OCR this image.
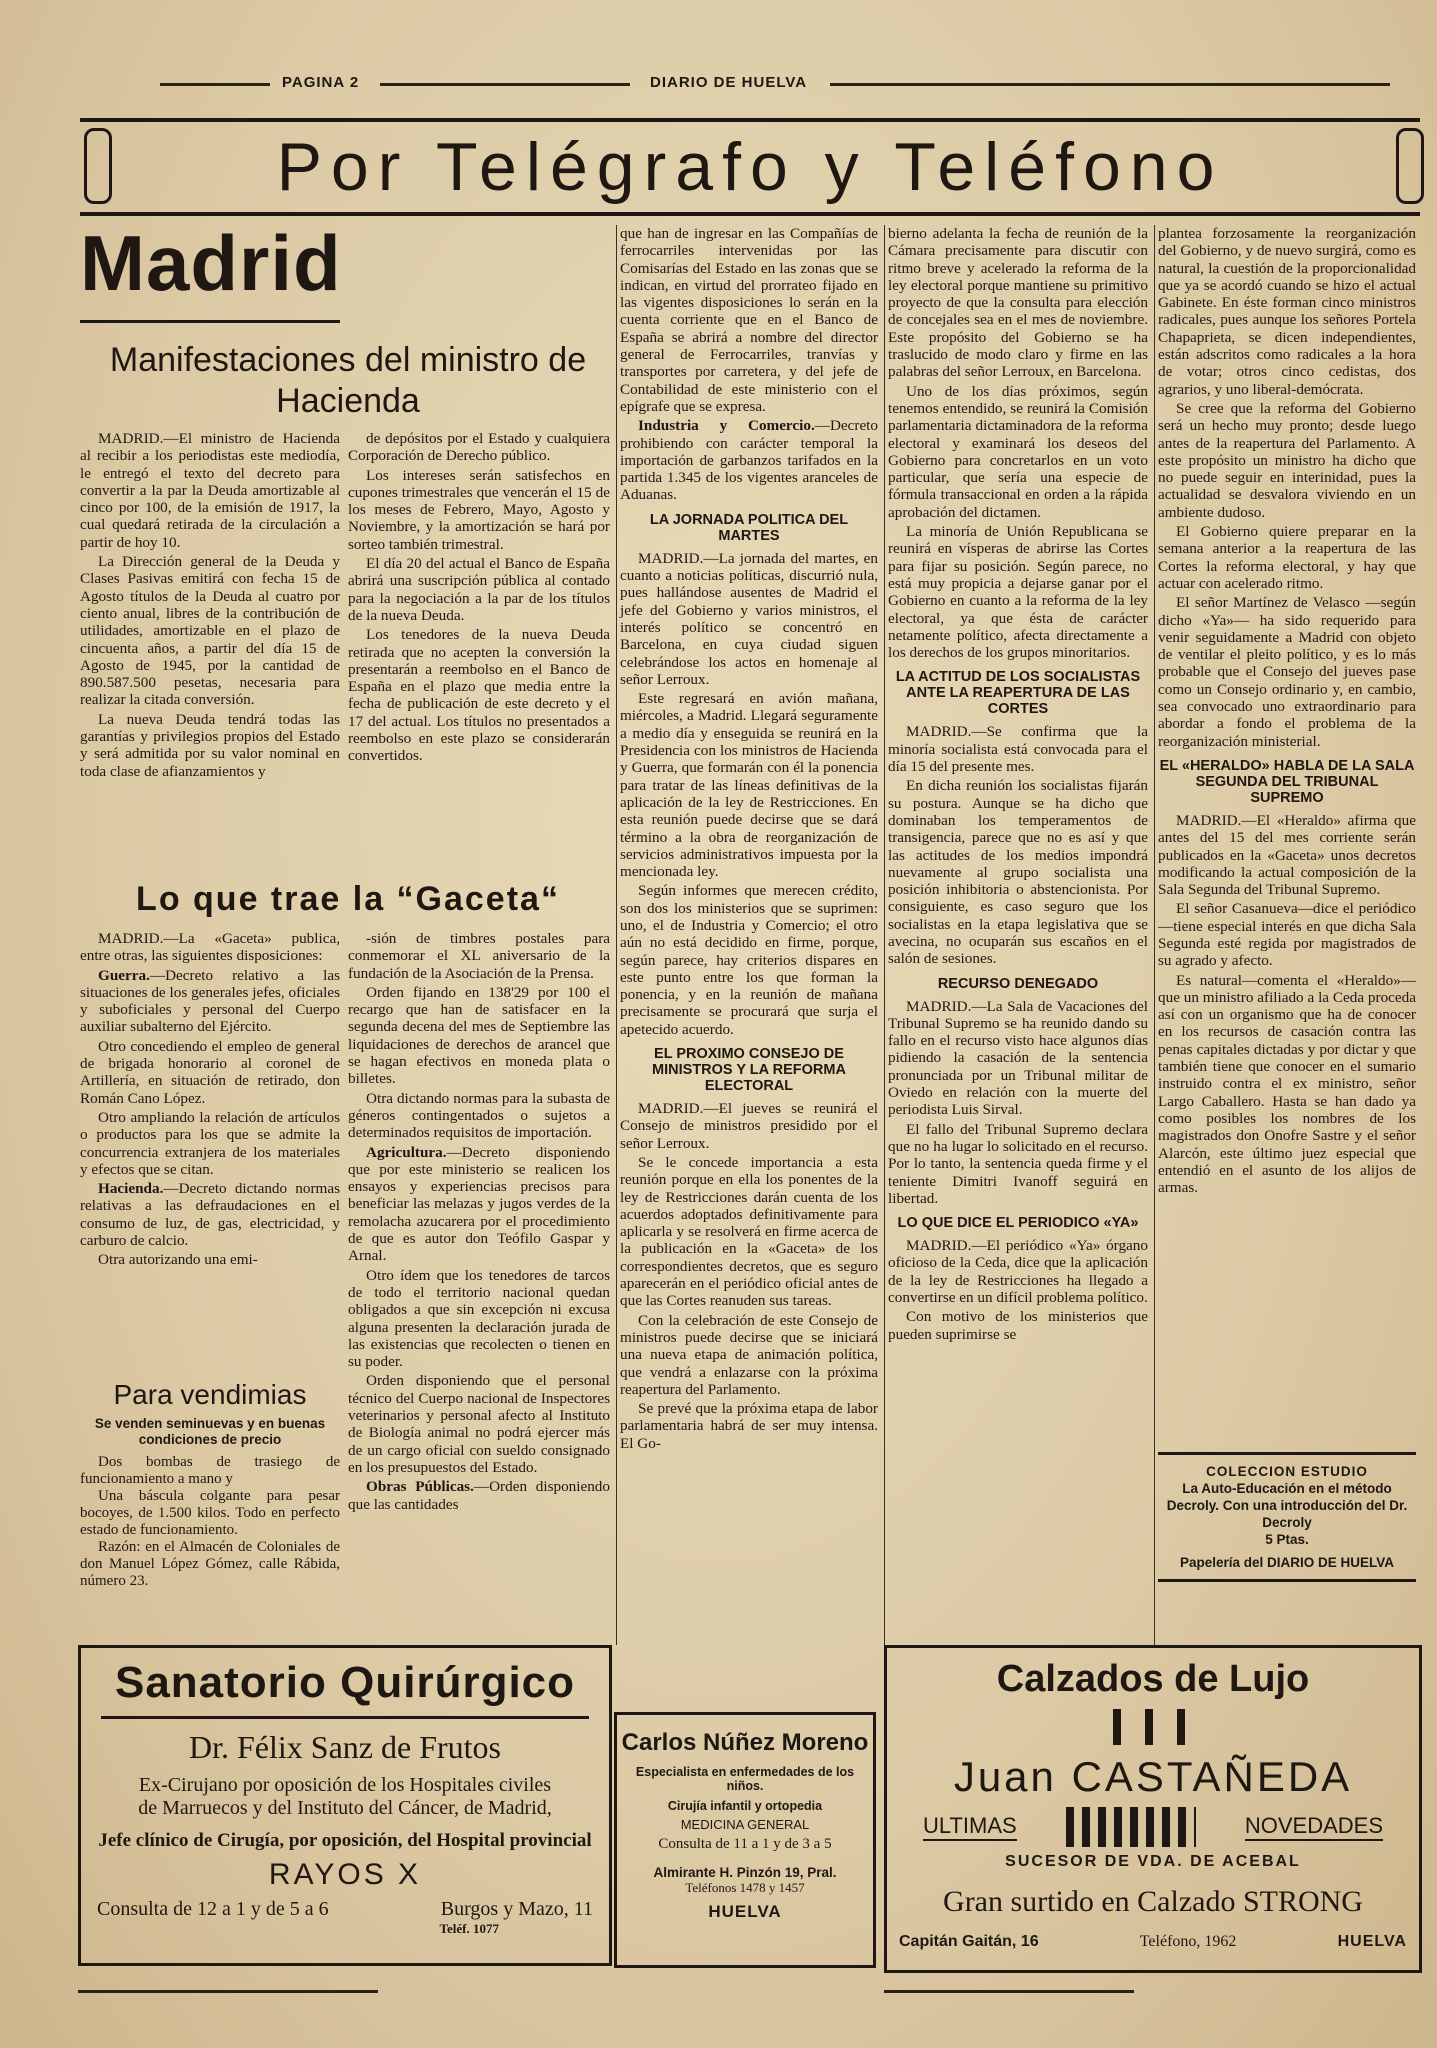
PAGINA 2	DIARIO DE HUELVA
Por Telégrafo y Teléfono
Madrid
Manifestaciones del ministro de Hacienda

MADRID.—El ministro de Hacienda al recibir a los periodistas este mediodía, le entregó el texto del decreto para convertir a la par la Deuda amortizable al cinco por 100, de la emisión de 1917, la cual quedará retirada de la circulación a partir de hoy 10.

La Dirección general de la Deuda y Clases Pasivas emitirá con fecha 15 de Agosto títulos de la Deuda al cuatro por ciento anual, libres de la contribución de utilidades, amortizable en el plazo de cincuenta años, a partir del día 15 de Agosto de 1945, por la cantidad de 890.587.500 pesetas, necesaria para realizar la citada conversión.

La nueva Deuda tendrá todas las garantías y privilegios propios del Estado y será admitida por su valor nominal en toda clase de afianzamientos y

de depósitos por el Estado y cualquiera Corporación de Derecho público.

Los intereses serán satisfechos en cupones trimestrales que vencerán el 15 de los meses de Febrero, Mayo, Agosto y Noviembre, y la amortización se hará por sorteo también trimestral.

El día 20 del actual el Banco de España abrirá una suscripción pública al contado para la negociación a la par de los títulos de la nueva Deuda.

Los tenedores de la nueva Deuda retirada que no acepten la conversión la presentarán a reembolso en el Banco de España en el plazo que media entre la fecha de publicación de este decreto y el 17 del actual. Los títulos no presentados a reembolso en este plazo se considerarán convertidos.

Lo que trae la “Gaceta“

MADRID.—La «Gaceta» publica, entre otras, las siguientes disposiciones:

Guerra.—Decreto relativo a las situaciones de los generales jefes, oficiales y suboficiales y personal del Cuerpo auxiliar subalterno del Ejército.

Otro concediendo el empleo de general de brigada honorario al coronel de Artillería, en situación de retirado, don Román Cano López.

Otro ampliando la relación de artículos o productos para los que se admite la concurrencia extranjera de los materiales y efectos que se citan.

Hacienda.—Decreto dictando normas relativas a las defraudaciones en el consumo de luz, de gas, electricidad, y carburo de calcio.

Otra autorizando una emi-

-sión de timbres postales para conmemorar el XL aniversario de la fundación de la Asociación de la Prensa.

Orden fijando en 138'29 por 100 el recargo que han de satisfacer en la segunda decena del mes de Septiembre las liquidaciones de derechos de arancel que se hagan efectivos en moneda plata o billetes.

Otra dictando normas para la subasta de géneros contingentados o sujetos a determinados requisitos de importación.

Agricultura.—Decreto disponiendo que por este ministerio se realicen los ensayos y experiencias precisos para beneficiar las melazas y jugos verdes de la remolacha azucarera por el procedimiento de que es autor don Teófilo Gaspar y Arnal.

Otro ídem que los tenedores de tarcos de todo el territorio nacional quedan obligados a que sin excepción ni excusa alguna presenten la declaración jurada de las existencias que recolecten o tienen en su poder.

Orden disponiendo que el personal técnico del Cuerpo nacional de Inspectores veterinarios y personal afecto al Instituto de Biología animal no podrá ejercer más de un cargo oficial con sueldo consignado en los presupuestos del Estado.

Obras Públicas.—Orden disponiendo que las cantidades

Para vendimias
Se venden seminuevas y en buenas condiciones de precio

Dos bombas de trasiego de funcionamiento a mano y

Una báscula colgante para pesar bocoyes, de 1.500 kilos. Todo en perfecto estado de funcionamiento.

Razón: en el Almacén de Coloniales de don Manuel López Gómez, calle Rábida, número 23.

que han de ingresar en las Compañías de ferrocarriles intervenidas por las Comisarías del Estado en las zonas que se indican, en virtud del prorrateo fijado en las vigentes disposiciones lo serán en la cuenta corriente que en el Banco de España se abrirá a nombre del director general de Ferrocarriles, tranvías y transportes por carretera, y del jefe de Contabilidad de este ministerio con el epígrafe que se expresa.

Industria y Comercio.—Decreto prohibiendo con carácter temporal la importación de garbanzos tarifados en la partida 1.345 de los vigentes aranceles de Aduanas.

LA JORNADA POLITICA DEL MARTES

MADRID.—La jornada del martes, en cuanto a noticias políticas, discurrió nula, pues hallándose ausentes de Madrid el jefe del Gobierno y varios ministros, el interés político se concentró en Barcelona, en cuya ciudad siguen celebrándose los actos en homenaje al señor Lerroux.

Este regresará en avión mañana, miércoles, a Madrid. Llegará seguramente a medio día y enseguida se reunirá en la Presidencia con los ministros de Hacienda y Guerra, que formarán con él la ponencia para tratar de las líneas definitivas de la aplicación de la ley de Restricciones. En esta reunión puede decirse que se dará término a la obra de reorganización de servicios administrativos impuesta por la mencionada ley.

Según informes que merecen crédito, son dos los ministerios que se suprimen: uno, el de Industria y Comercio; el otro aún no está decidido en firme, porque, según parece, hay criterios dispares en este punto entre los que forman la ponencia, y en la reunión de mañana precisamente se procurará que surja el apetecido acuerdo.

EL PROXIMO CONSEJO DE MINISTROS Y LA REFORMA ELECTORAL

MADRID.—El jueves se reunirá el Consejo de ministros presidido por el señor Lerroux.

Se le concede importancia a esta reunión porque en ella los ponentes de la ley de Restricciones darán cuenta de los acuerdos adoptados definitivamente para aplicarla y se resolverá en firme acerca de la publicación en la «Gaceta» de los correspondientes decretos, que es seguro aparecerán en el periódico oficial antes de que las Cortes reanuden sus tareas.

Con la celebración de este Consejo de ministros puede decirse que se iniciará una nueva etapa de animación política, que vendrá a enlazarse con la próxima reapertura del Parlamento.

Se prevé que la próxima etapa de labor parlamentaria habrá de ser muy intensa. El Go-

bierno adelanta la fecha de reunión de la Cámara precisamente para discutir con ritmo breve y acelerado la reforma de la ley electoral porque mantiene su primitivo proyecto de que la consulta para elección de concejales sea en el mes de noviembre. Este propósito del Gobierno se ha traslucido de modo claro y firme en las palabras del señor Lerroux, en Barcelona.

Uno de los días próximos, según tenemos entendido, se reunirá la Comisión parlamentaria dictaminadora de la reforma electoral y examinará los deseos del Gobierno para concretarlos en un voto particular, que sería una especie de fórmula transaccional en orden a la rápida aprobación del dictamen.

La minoría de Unión Republicana se reunirá en vísperas de abrirse las Cortes para fijar su posición. Según parece, no está muy propicia a dejarse ganar por el Gobierno en cuanto a la reforma de la ley electoral, ya que ésta de carácter netamente político, afecta directamente a los derechos de los grupos minoritarios.

LA ACTITUD DE LOS SOCIALISTAS ANTE LA REAPERTURA DE LAS CORTES

MADRID.—Se confirma que la minoría socialista está convocada para el día 15 del presente mes.

En dicha reunión los socialistas fijarán su postura. Aunque se ha dicho que dominaban los temperamentos de transigencia, parece que no es así y que las actitudes de los medios impondrá nuevamente al grupo socialista una posición inhibitoria o abstencionista. Por consiguiente, es caso seguro que los socialistas en la etapa legislativa que se avecina, no ocuparán sus escaños en el salón de sesiones.

RECURSO DENEGADO

MADRID.—La Sala de Vacaciones del Tribunal Supremo se ha reunido dando su fallo en el recurso visto hace algunos días pidiendo la casación de la sentencia pronunciada por un Tribunal militar de Oviedo en relación con la muerte del periodista Luis Sirval.

El fallo del Tribunal Supremo declara que no ha lugar lo solicitado en el recurso. Por lo tanto, la sentencia queda firme y el teniente Dimitri Ivanoff seguirá en libertad.

LO QUE DICE EL PERIODICO «YA»

MADRID.—El periódico «Ya» órgano oficioso de la Ceda, dice que la aplicación de la ley de Restricciones ha llegado a convertirse en un difícil problema político.

Con motivo de los ministerios que pueden suprimirse se

plantea forzosamente la reorganización del Gobierno, y de nuevo surgirá, como es natural, la cuestión de la proporcionalidad que ya se acordó cuando se hizo el actual Gabinete. En éste forman cinco ministros radicales, pues aunque los señores Portela Chapaprieta, se dicen independientes, están adscritos como radicales a la hora de votar; otros cinco cedistas, dos agrarios, y uno liberal-demócrata.

Se cree que la reforma del Gobierno será un hecho muy pronto; desde luego antes de la reapertura del Parlamento. A este propósito un ministro ha dicho que no puede seguir en interinidad, pues la actualidad se desvalora viviendo en un ambiente dudoso.

El Gobierno quiere preparar en la semana anterior a la reapertura de las Cortes la reforma electoral, y hay que actuar con acelerado ritmo.

El señor Martínez de Velasco —según dicho «Ya»— ha sido requerido para venir seguidamente a Madrid con objeto de ventilar el pleito político, y es lo más probable que el Consejo del jueves pase como un Consejo ordinario y, en cambio, sea convocado uno extraordinario para abordar a fondo el problema de la reorganización ministerial.

EL «HERALDO» HABLA DE LA SALA SEGUNDA DEL TRIBUNAL SUPREMO

MADRID.—El «Heraldo» afirma que antes del 15 del mes corriente serán publicados en la «Gaceta» unos decretos modificando la actual composición de la Sala Segunda del Tribunal Supremo.

El señor Casanueva—dice el periódico—tiene especial interés en que dicha Sala Segunda esté regida por magistrados de su agrado y afecto.

Es natural—comenta el «Heraldo»—que un ministro afiliado a la Ceda proceda así con un organismo que ha de conocer en los recursos de casación contra las penas capitales dictadas y por dictar y que también tiene que conocer en el sumario instruido contra el ex ministro, señor Largo Caballero. Hasta se han dado ya como posibles los nombres de los magistrados don Onofre Sastre y el señor Alarcón, este último juez especial que entendió en el asunto de los alijos de armas.

COLECCION ESTUDIO
La Auto-Educación en el método Decroly. Con una introducción del Dr. Decroly
5 Ptas.
Papelería del DIARIO DE HUELVA
Sanatorio Quirúrgico
Dr. Félix Sanz de Frutos
Ex-Cirujano por oposición de los Hospitales civiles
de Marruecos y del Instituto del Cáncer, de Madrid,
Jefe clínico de Cirugía, por oposición, del Hospital provincial
RAYOS X
Consulta de 12 a 1 y de 5 a 6	Burgos y Mazo, 11
Teléf. 1077
Carlos Núñez Moreno
Especialista en enfermedades de los niños.
Cirujía infantil y ortopedia
MEDICINA GENERAL
Consulta de 11 a 1 y de 3 a 5
Almirante H. Pinzón 19, Pral.
Teléfonos 1478 y 1457
HUELVA
Calzados de Lujo
Juan CASTAÑEDA
ULTIMAS	NOVEDADES
SUCESOR DE VDA. DE ACEBAL
Gran surtido en Calzado STRONG
Capitán Gaitán, 16	Teléfono, 1962	HUELVA
